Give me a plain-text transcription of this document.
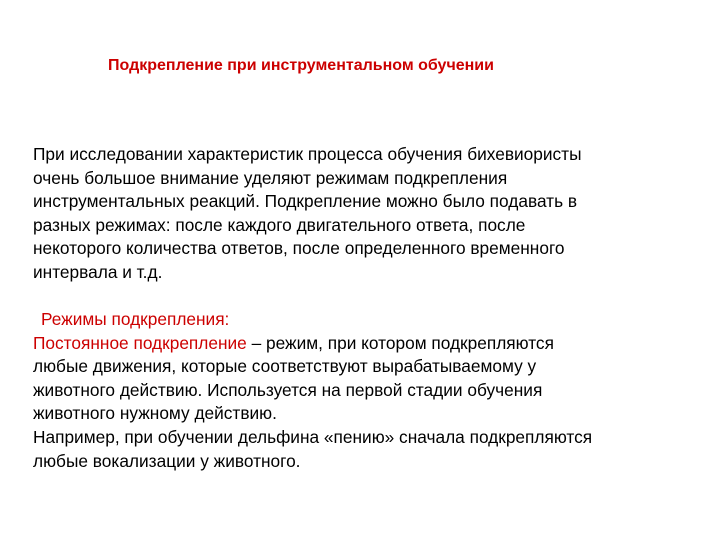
Подкрепление при инструментальном обучении
При исследовании характеристик процесса обучения бихевиористы
очень большое внимание уделяют режимам подкрепления
инструментальных реакций. Подкрепление можно было подавать в
разных режимах: после каждого двигательного ответа, после
некоторого количества ответов, после определенного временного
интервала и т.д.
Режимы подкрепления:
Постоянное подкрепление – режим, при котором подкрепляются
любые движения, которые соответствуют вырабатываемому у
животного действию. Используется на первой стадии обучения
животного нужному действию.
Например, при обучении дельфина «пению» сначала подкрепляются
любые вокализации у животного.
